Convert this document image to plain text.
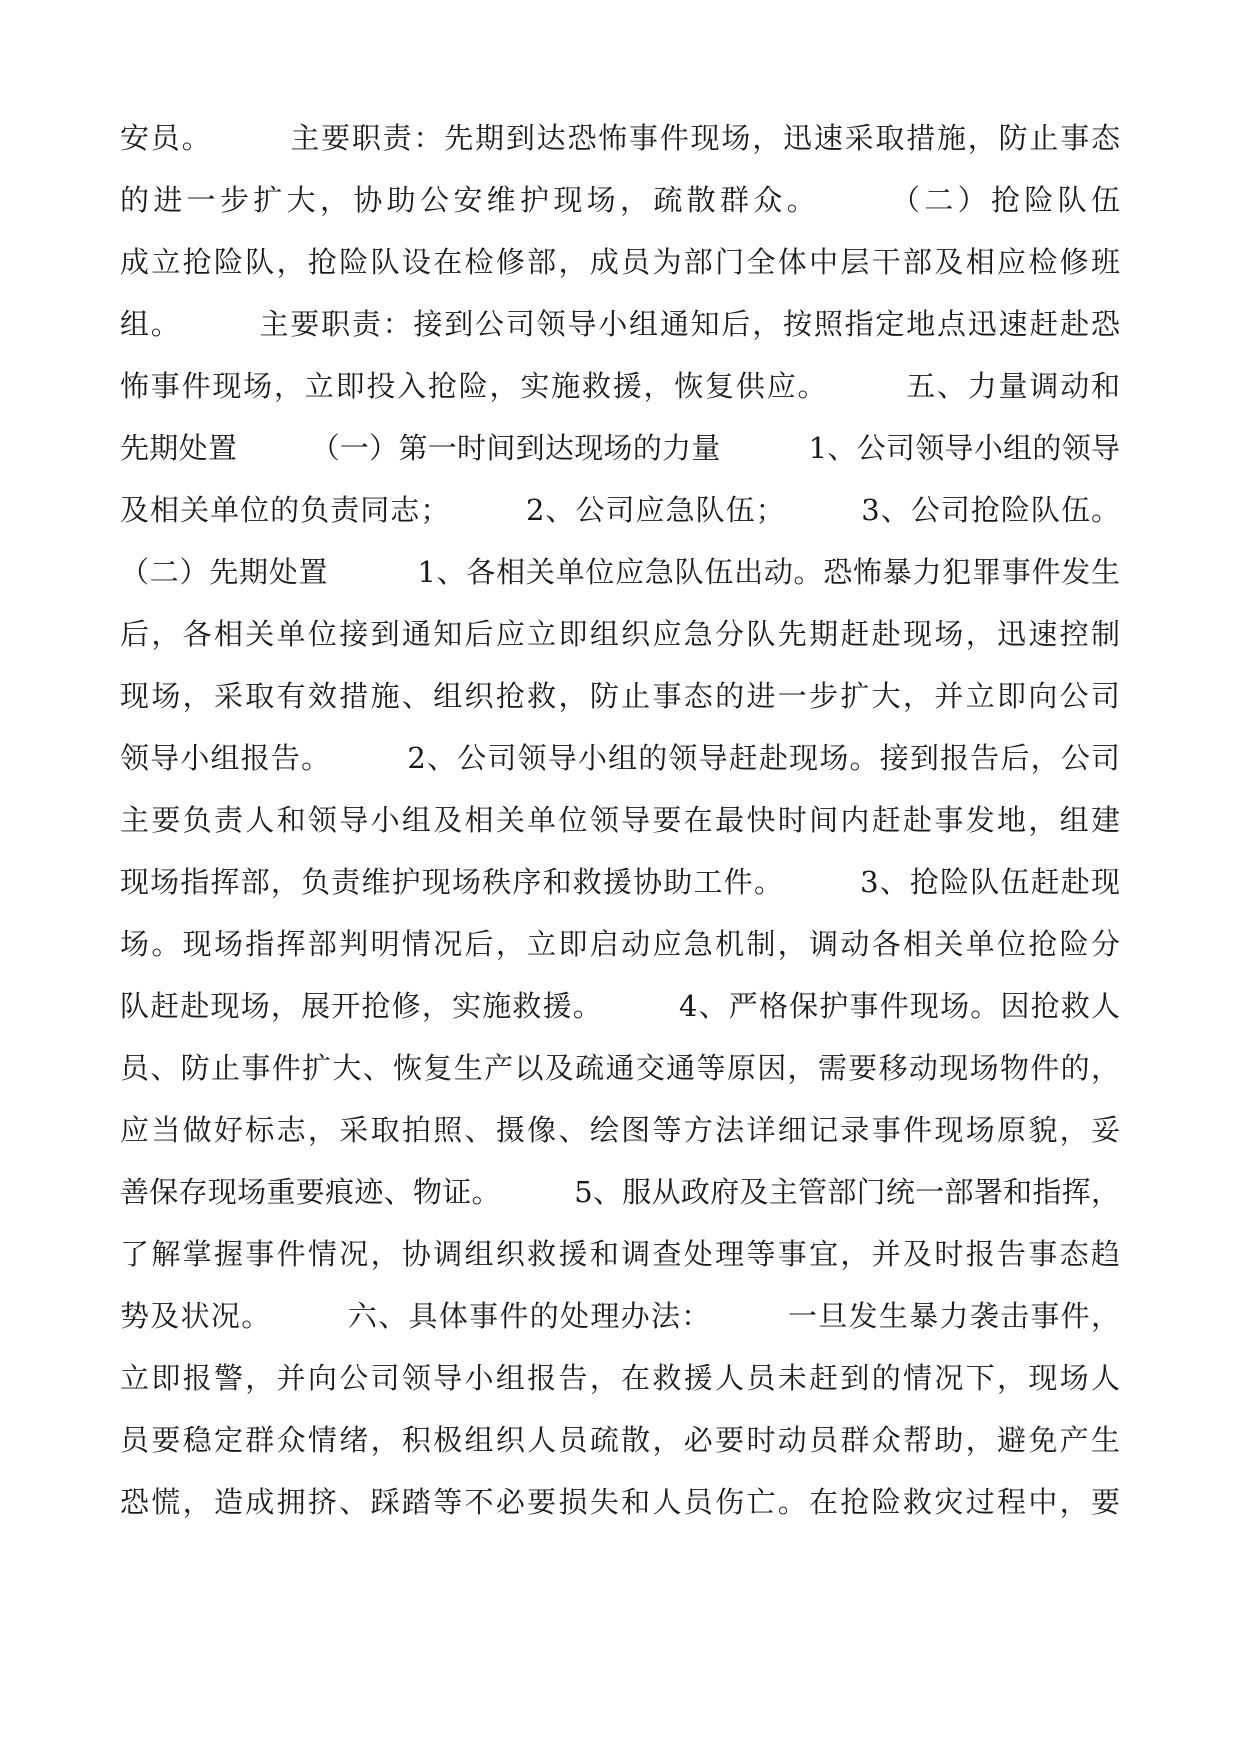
安员。　　　主要职责：先期到达恐怖事件现场，迅速采取措施，防止事态
的进一步扩大，协助公安维护现场，疏散群众。　　　（二）抢险队伍
成立抢险队，抢险队设在检修部，成员为部门全体中层干部及相应检修班
组。　　　主要职责：接到公司领导小组通知后，按照指定地点迅速赶赴恐
怖事件现场，立即投入抢险，实施救援，恢复供应。　　　五、力量调动和
先期处置　　　（一）第一时间到达现场的力量　　　1、公司领导小组的领导
及相关单位的负责同志；　　　2、公司应急队伍；　　　3、公司抢险队伍。
（二）先期处置　　　1、各相关单位应急队伍出动。恐怖暴力犯罪事件发生
后，各相关单位接到通知后应立即组织应急分队先期赶赴现场，迅速控制
现场，采取有效措施、组织抢救，防止事态的进一步扩大，并立即向公司
领导小组报告。　　　2、公司领导小组的领导赶赴现场。接到报告后，公司
主要负责人和领导小组及相关单位领导要在最快时间内赶赴事发地，组建
现场指挥部，负责维护现场秩序和救援协助工件。　　　3、抢险队伍赶赴现
场。现场指挥部判明情况后，立即启动应急机制，调动各相关单位抢险分
队赶赴现场，展开抢修，实施救援。　　　4、严格保护事件现场。因抢救人
员、防止事件扩大、恢复生产以及疏通交通等原因，需要移动现场物件的，
应当做好标志，采取拍照、摄像、绘图等方法详细记录事件现场原貌，妥
善保存现场重要痕迹、物证。　　　5、服从政府及主管部门统一部署和指挥，
了解掌握事件情况，协调组织救援和调查处理等事宜，并及时报告事态趋
势及状况。　　　六、具体事件的处理办法：　　　一旦发生暴力袭击事件，
立即报警，并向公司领导小组报告，在救援人员未赶到的情况下，现场人
员要稳定群众情绪，积极组织人员疏散，必要时动员群众帮助，避免产生
恐慌，造成拥挤、踩踏等不必要损失和人员伤亡。在抢险救灾过程中，要
